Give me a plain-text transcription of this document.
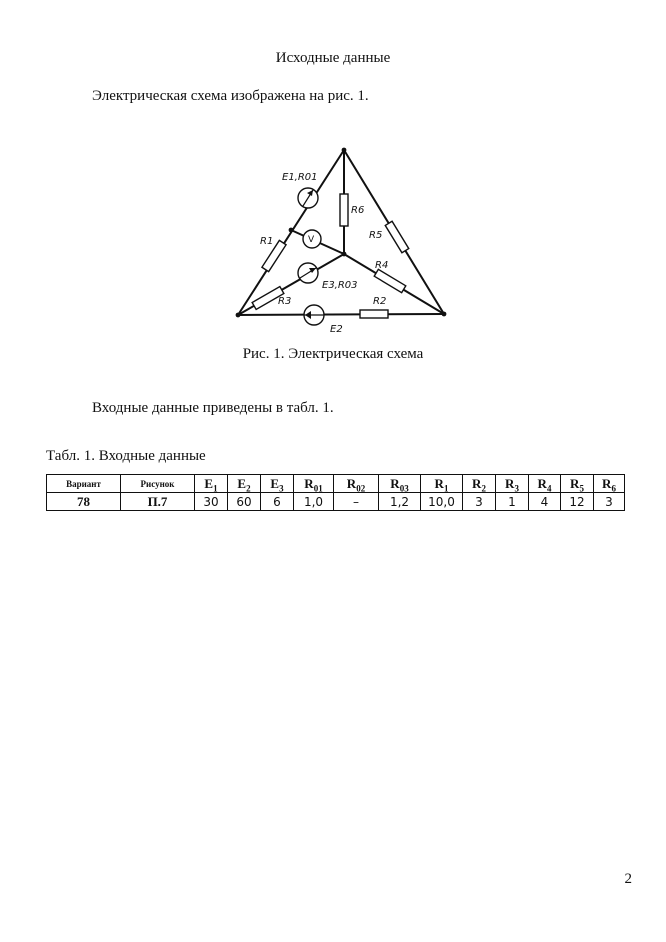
Исходные данные
Электрическая схема изображена на рис. 1.
E1,R01
R6
R1	V	R5
R4
E3,R03
R3	R2
E2
Рис. 1. Электрическая схема
Входные данные приведены в табл. 1.
Табл. 1. Входные данные
Вариант	Рисунок	$E_1$	$E_2$	$E_3$	$R_{01}$	$R_{02}$	$R_{03}$	$R_1$	$R_2$	$R_3$	$R_4$	$R_5$	$R_6$
78	П.7	30	60	6	1,0	–	1,2	10,0	3	1	4	12	3
2
